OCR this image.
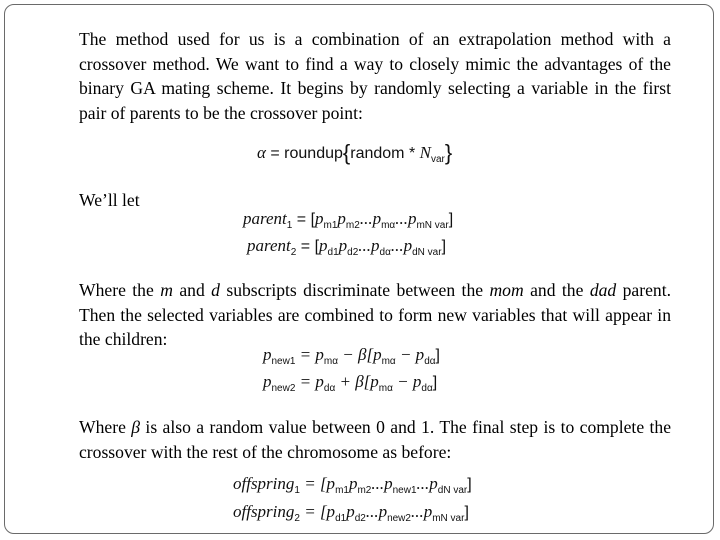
The method used for us is a combination of an extrapolation method with a crossover method. We want to find a way to closely mimic the advantages of the binary GA mating scheme. It begins by randomly selecting a variable in the first pair of parents to be the crossover point:

α = roundup{random * $N_{var}$}

We’ll let

parent$_1$ = $[p_{m1}p_{m2}...p_{m\alpha}...p_{mN var}]$
parent$_2$ = $[p_{d1}p_{d2}...p_{d\alpha}...p_{dN var}]$

Where the m and d subscripts discriminate between the mom and the dad parent. Then the selected variables are combined to form new variables that will appear in the children:

$p_{new1} = p_{m\alpha} - \beta[p_{m\alpha} - p_{d\alpha}]$
$p_{new2} = p_{d\alpha} + \beta[p_{m\alpha} - p_{d\alpha}]$

Where β is also a random value between 0 and 1. The final step is to complete the crossover with the rest of the chromosome as before:

offspring$_1$ = $[p_{m1}p_{m2}...p_{new1}...p_{dN var}]$
offspring$_2$ = $[p_{d1}p_{d2}...p_{new2}...p_{mN var}]$
